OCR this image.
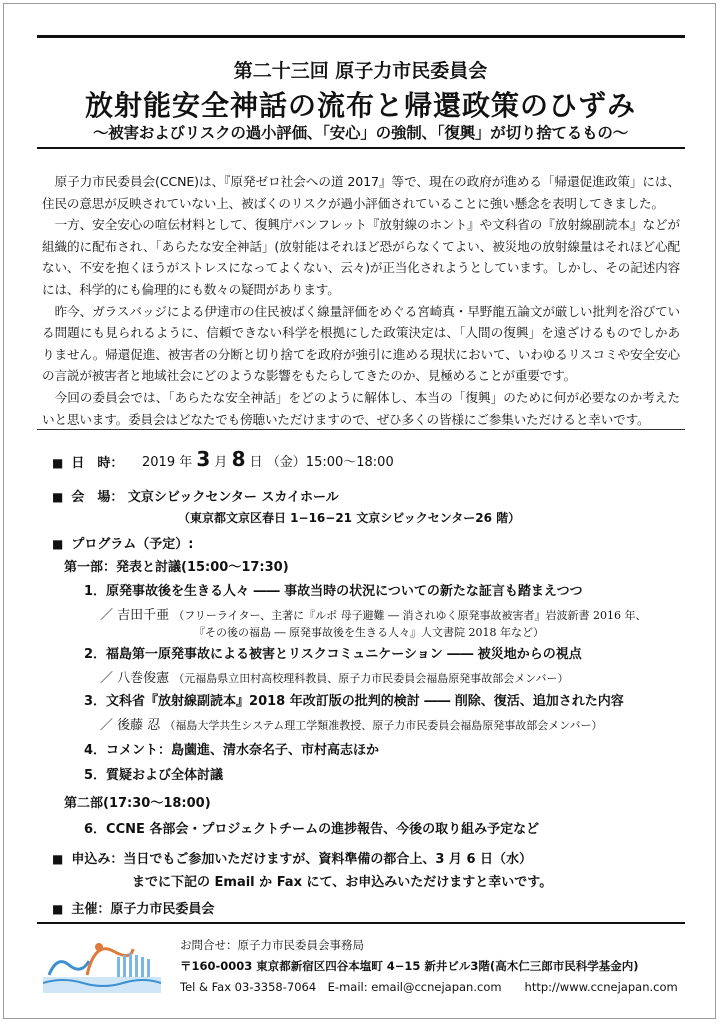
第二十三回 原子力市民委員会
放射能安全神話の流布と帰還政策のひずみ
～被害およびリスクの過小評価、「安心」の強制、「復興」が切り捨てるもの～

原子力市民委員会(CCNE)は、『原発ゼロ社会への道 2017』等で、現在の政府が進める「帰還促進政策」には、住民の意思が反映されていない上、被ばくのリスクが過小評価されていることに強い懸念を表明してきました。

一方、安全安心の喧伝材料として、復興庁パンフレット『放射線のホント』や文科省の『放射線副読本』などが組織的に配布され、「あらたな安全神話」(放射能はそれほど恐がらなくてよい、被災地の放射線量はそれほど心配ない、不安を抱くほうがストレスになってよくない、云々)が正当化されようとしています。しかし、その記述内容には、科学的にも倫理的にも数々の疑問があります。

昨今、ガラスバッジによる伊達市の住民被ばく線量評価をめぐる宮崎真・早野龍五論文が厳しい批判を浴びている問題にも見られるように、信頼できない科学を根拠にした政策決定は、「人間の復興」を遠ざけるものでしかありません。帰還促進、被害者の分断と切り捨てを政府が強引に進める現状において、いわゆるリスコミや安全安心の言説が被害者と地域社会にどのような影響をもたらしてきたのか、見極めることが重要です。

今回の委員会では、「あらたな安全神話」をどのように解体し、本当の「復興」のために何が必要なのか考えたいと思います。委員会はどなたでも傍聴いただけますので、ぜひ多くの皆様にご参集いただけると幸いです。

■ 日　時： 2019 年 3 月 8 日 （金）15:00～18:00
■ 会　場： 文京シビックセンター スカイホール
（東京都文京区春日 1−16−21 文京シビックセンター26 階）
■ プログラム（予定）:
第一部：発表と討議(15:00～17:30)
1．原発事故後を生きる人々 ―― 事故当時の状況についての新たな証言も踏まえつつ
／ 吉田千亜 （フリーライター、主著に『ルポ 母子避難 ― 消されゆく原発事故被害者』岩波新書 2016 年、
『その後の福島 ― 原発事故後を生きる人々』人文書院 2018 年など）
2．福島第一原発事故による被害とリスクコミュニケーション ―― 被災地からの視点
／ 八巻俊憲 （元福島県立田村高校理科教員、原子力市民委員会福島原発事故部会メンバー）
3．文科省『放射線副読本』2018 年改訂版の批判的検討 ―― 削除、復活、追加された内容
／ 後藤 忍 （福島大学共生システム理工学類准教授、原子力市民委員会福島原発事故部会メンバー）
4．コメント：島薗進、清水奈名子、市村高志ほか
5．質疑および全体討議
第二部(17:30～18:00)
6．CCNE 各部会・プロジェクトチームの進捗報告、今後の取り組み予定など
■ 申込み：当日でもご参加いただけますが、資料準備の都合上、3 月 6 日（水）
までに下記の Email か Fax にて、お申込みいただけますと幸いです。
■ 主催：原子力市民委員会
お問合せ：原子力市民委員会事務局
〒160-0003 東京都新宿区四谷本塩町 4−15 新井ビル3階(高木仁三郎市民科学基金内)
Tel & Fax 03-3358-7064　E-mail: email@ccnejapan.com　　http://www.ccnejapan.com
